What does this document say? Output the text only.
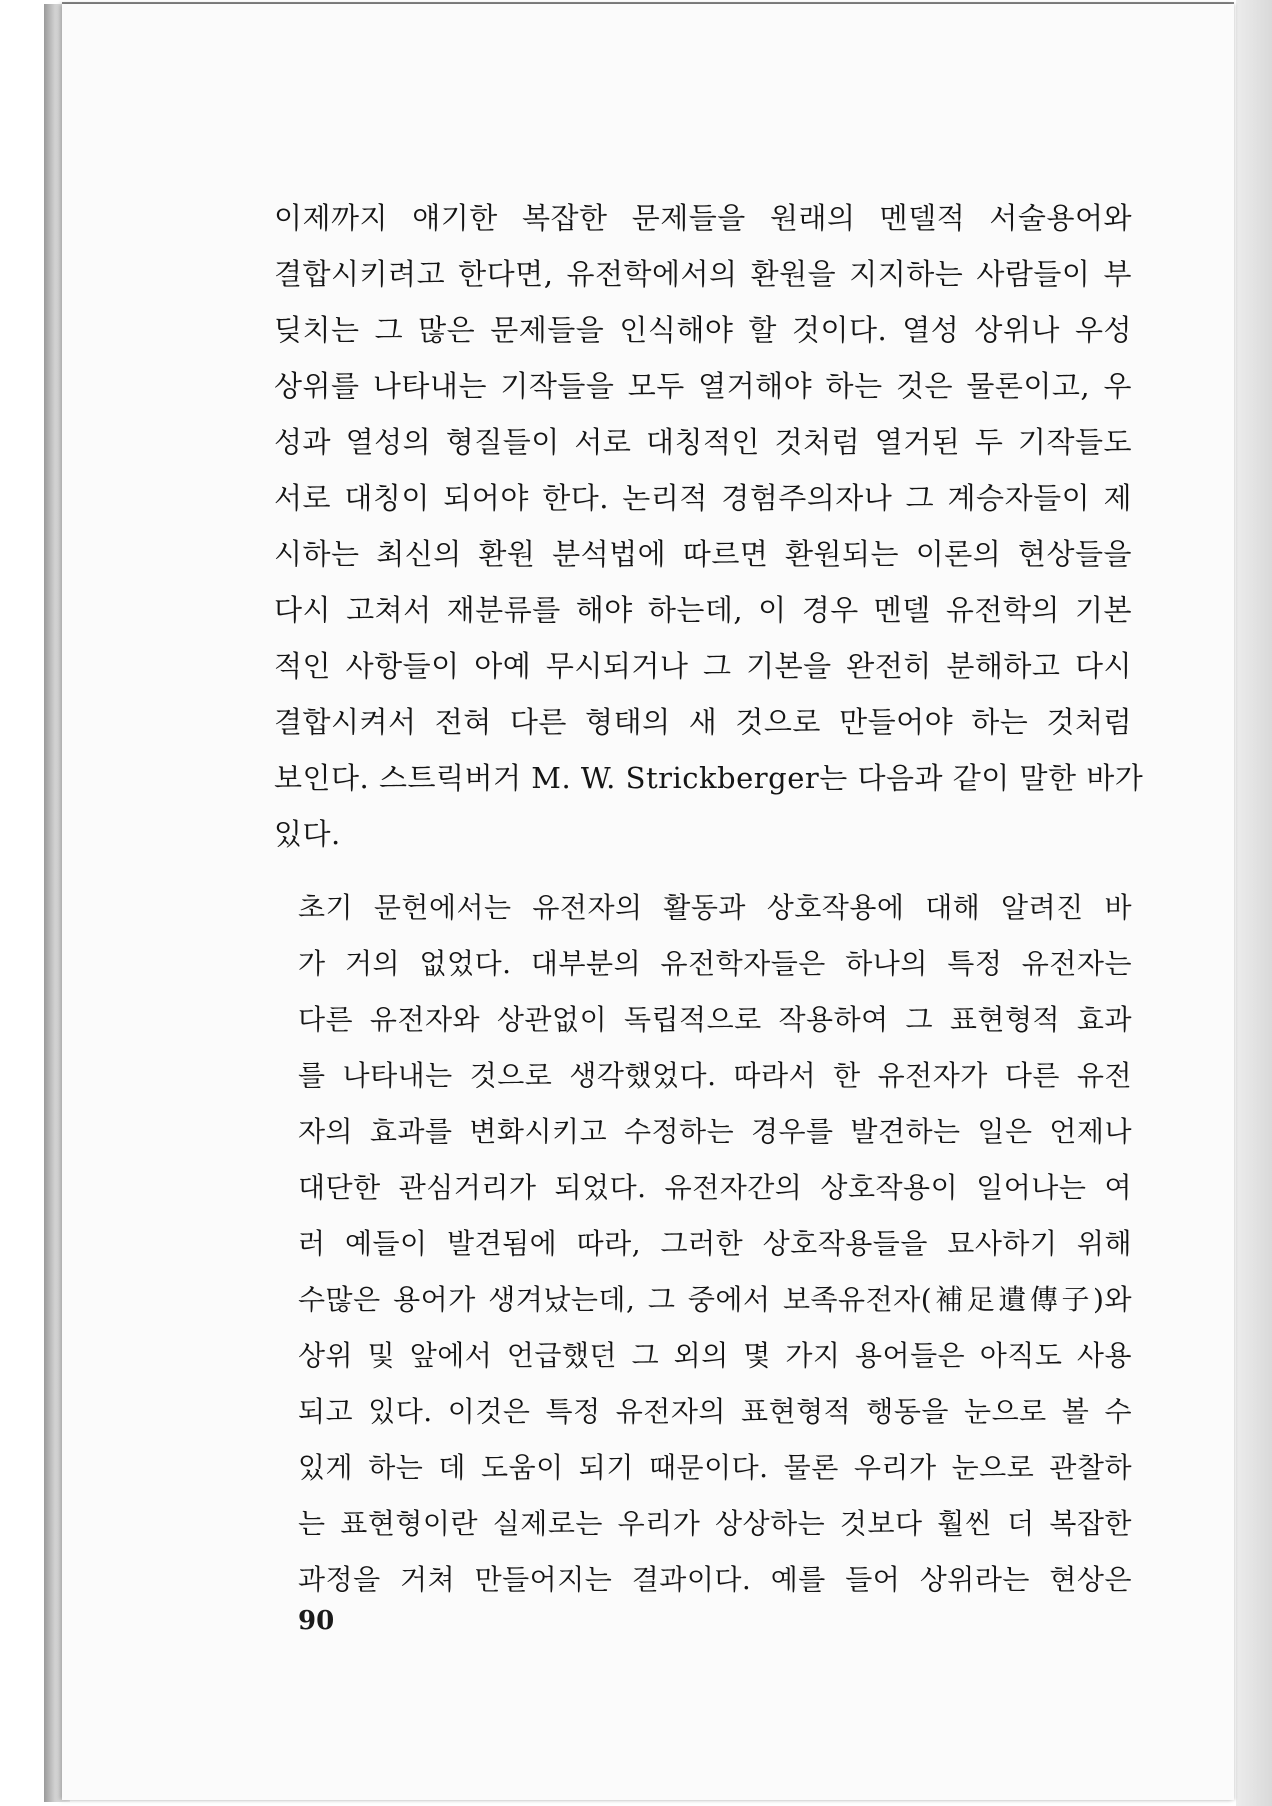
이제까지 얘기한 복잡한 문제들을 원래의 멘델적 서술용어와
결합시키려고 한다면, 유전학에서의 환원을 지지하는 사람들이 부
딪치는 그 많은 문제들을 인식해야 할 것이다. 열성 상위나 우성
상위를 나타내는 기작들을 모두 열거해야 하는 것은 물론이고, 우
성과 열성의 형질들이 서로 대칭적인 것처럼 열거된 두 기작들도
서로 대칭이 되어야 한다. 논리적 경험주의자나 그 계승자들이 제
시하는 최신의 환원 분석법에 따르면 환원되는 이론의 현상들을
다시 고쳐서 재분류를 해야 하는데, 이 경우 멘델 유전학의 기본
적인 사항들이 아예 무시되거나 그 기본을 완전히 분해하고 다시
결합시켜서 전혀 다른 형태의 새 것으로 만들어야 하는 것처럼
보인다. 스트릭버거 M. W. Strickberger는 다음과 같이 말한 바가
있다.
초기 문헌에서는 유전자의 활동과 상호작용에 대해 알려진 바
가 거의 없었다. 대부분의 유전학자들은 하나의 특정 유전자는
다른 유전자와 상관없이 독립적으로 작용하여 그 표현형적 효과
를 나타내는 것으로 생각했었다. 따라서 한 유전자가 다른 유전
자의 효과를 변화시키고 수정하는 경우를 발견하는 일은 언제나
대단한 관심거리가 되었다. 유전자간의 상호작용이 일어나는 여
러 예들이 발견됨에 따라, 그러한 상호작용들을 묘사하기 위해
수많은 용어가 생겨났는데, 그 중에서 보족유전자(補足遺傳子)와
상위 및 앞에서 언급했던 그 외의 몇 가지 용어들은 아직도 사용
되고 있다. 이것은 특정 유전자의 표현형적 행동을 눈으로 볼 수
있게 하는 데 도움이 되기 때문이다. 물론 우리가 눈으로 관찰하
는 표현형이란 실제로는 우리가 상상하는 것보다 훨씬 더 복잡한
과정을 거쳐 만들어지는 결과이다. 예를 들어 상위라는 현상은
90
